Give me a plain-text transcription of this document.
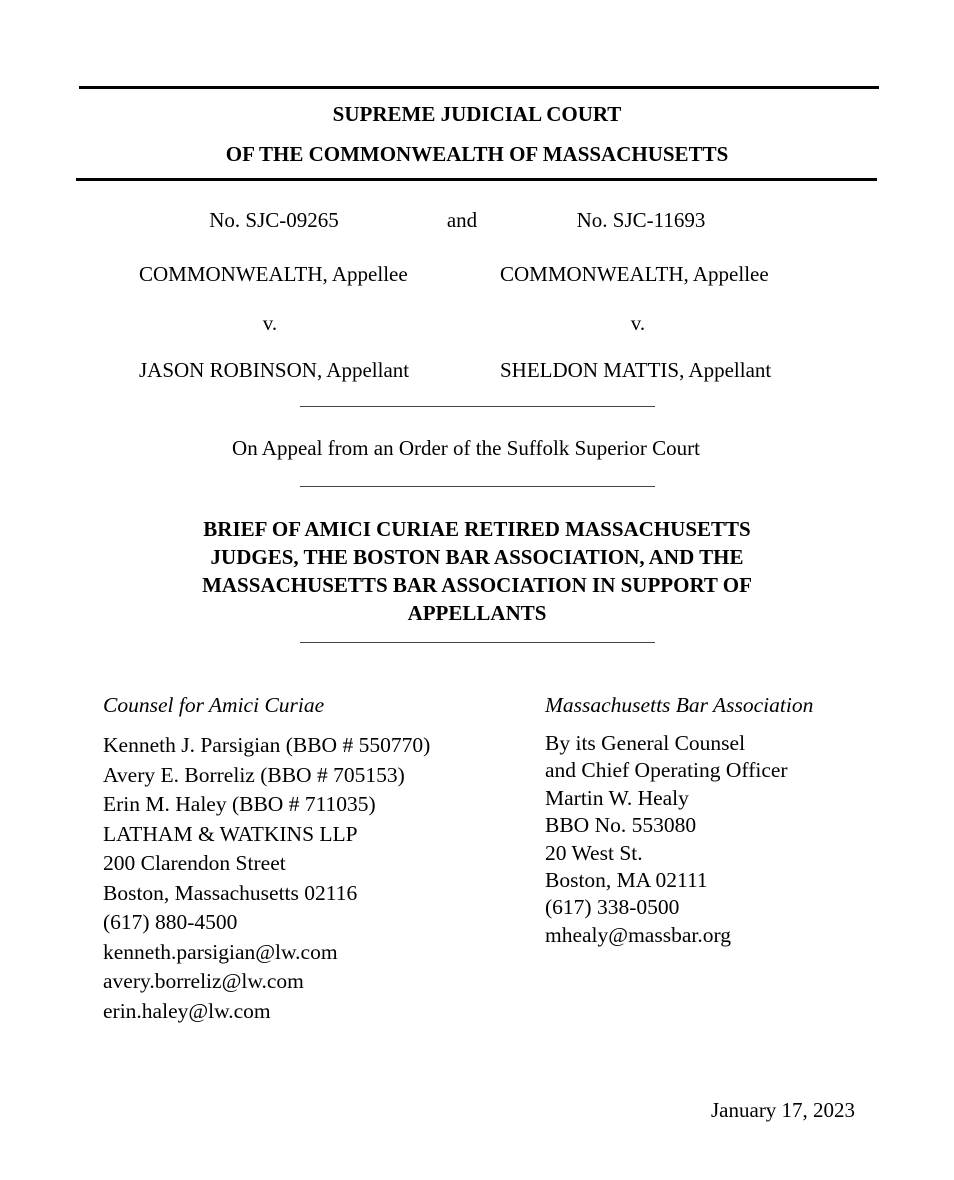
SUPREME JUDICIAL COURT
OF THE COMMONWEALTH OF MASSACHUSETTS
No. SJC-09265	and	No. SJC-11693
COMMONWEALTH, Appellee	COMMONWEALTH, Appellee
v.	v.
JASON ROBINSON, Appellant	SHELDON MATTIS, Appellant
On Appeal from an Order of the Suffolk Superior Court
BRIEF OF AMICI CURIAE RETIRED MASSACHUSETTS
JUDGES, THE BOSTON BAR ASSOCIATION, AND THE
MASSACHUSETTS BAR ASSOCIATION IN SUPPORT OF
APPELLANTS
Counsel for Amici Curiae
Kenneth J. Parsigian (BBO # 550770)
Avery E. Borreliz (BBO # 705153)
Erin M. Haley (BBO # 711035)
LATHAM & WATKINS LLP
200 Clarendon Street
Boston, Massachusetts 02116
(617) 880-4500
kenneth.parsigian@lw.com
avery.borreliz@lw.com
erin.haley@lw.com
Massachusetts Bar Association
By its General Counsel
and Chief Operating Officer
Martin W. Healy
BBO No. 553080
20 West St.
Boston, MA 02111
(617) 338-0500
mhealy@massbar.org
January 17, 2023
